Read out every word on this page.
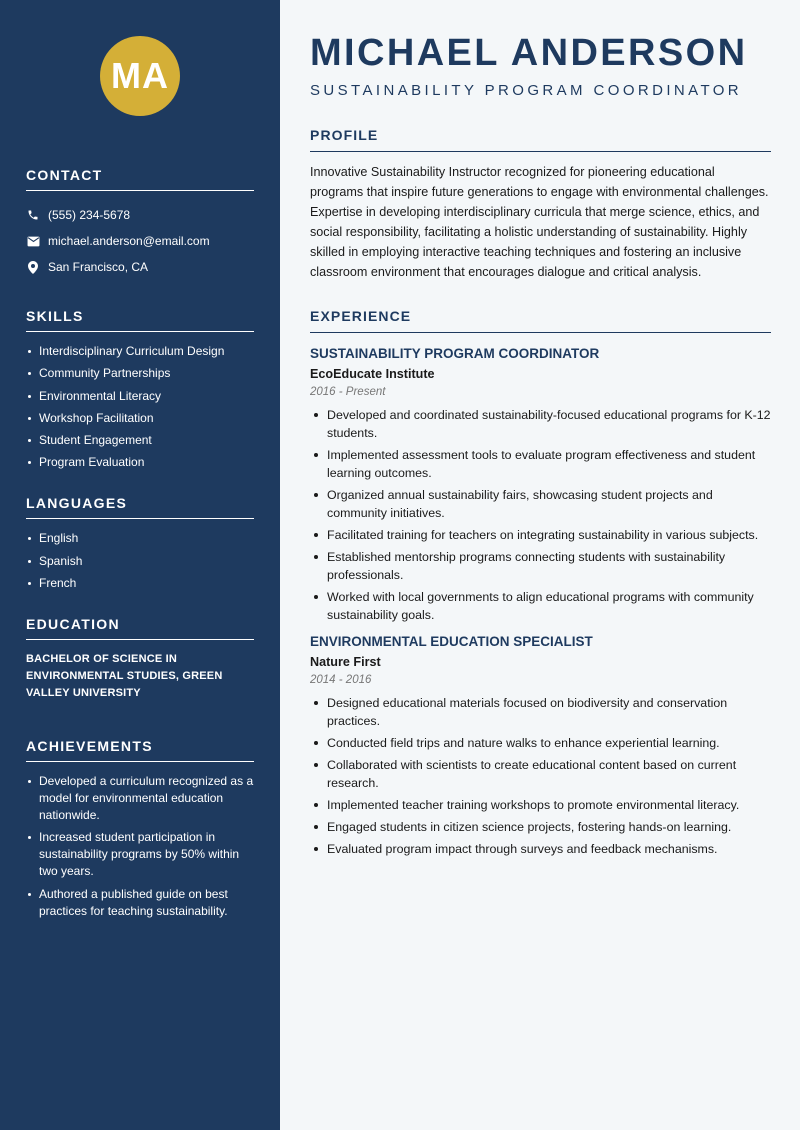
MA
CONTACT
(555) 234-5678
michael.anderson@email.com
San Francisco, CA
SKILLS
Interdisciplinary Curriculum Design
Community Partnerships
Environmental Literacy
Workshop Facilitation
Student Engagement
Program Evaluation
LANGUAGES
English
Spanish
French
EDUCATION
BACHELOR OF SCIENCE IN ENVIRONMENTAL STUDIES, GREEN VALLEY UNIVERSITY
ACHIEVEMENTS
Developed a curriculum recognized as a model for environmental education nationwide.
Increased student participation in sustainability programs by 50% within two years.
Authored a published guide on best practices for teaching sustainability.
MICHAEL ANDERSON
SUSTAINABILITY PROGRAM COORDINATOR
PROFILE

Innovative Sustainability Instructor recognized for pioneering educational programs that inspire future generations to engage with environmental challenges. Expertise in developing interdisciplinary curricula that merge science, ethics, and social responsibility, facilitating a holistic understanding of sustainability. Highly skilled in employing interactive teaching techniques and fostering an inclusive classroom environment that encourages dialogue and critical analysis.

EXPERIENCE
SUSTAINABILITY PROGRAM COORDINATOR
EcoEducate Institute
2016 - Present
Developed and coordinated sustainability-focused educational programs for K-12 students.
Implemented assessment tools to evaluate program effectiveness and student learning outcomes.
Organized annual sustainability fairs, showcasing student projects and community initiatives.
Facilitated training for teachers on integrating sustainability in various subjects.
Established mentorship programs connecting students with sustainability professionals.
Worked with local governments to align educational programs with community sustainability goals.
ENVIRONMENTAL EDUCATION SPECIALIST
Nature First
2014 - 2016
Designed educational materials focused on biodiversity and conservation practices.
Conducted field trips and nature walks to enhance experiential learning.
Collaborated with scientists to create educational content based on current research.
Implemented teacher training workshops to promote environmental literacy.
Engaged students in citizen science projects, fostering hands-on learning.
Evaluated program impact through surveys and feedback mechanisms.
